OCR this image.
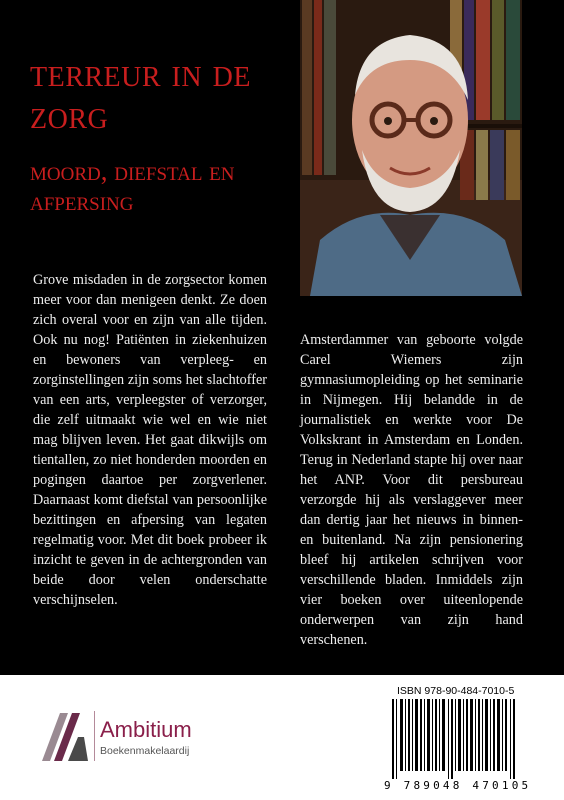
terreur in de zorg
moord, diefstal en afpersing
Grove misdaden in de zorgsector komen meer voor dan menigeen denkt. Ze doen zich overal voor en zijn van alle tijden. Ook nu nog! Patiënten in ziekenhuizen en bewoners van verpleeg- en zorginstellingen zijn soms het slachtoffer van een arts, verpleegster of verzorger, die zelf uitmaakt wie wel en wie niet mag blijven leven. Het gaat dikwijls om tientallen, zo niet honderden moorden en pogingen daartoe per zorgverlener. Daarnaast komt diefstal van persoonlijke bezittingen en afpersing van legaten regelmatig voor. Met dit boek probeer ik inzicht te geven in de achtergronden van beide door velen onderschatte verschijnselen.
Amsterdammer van geboorte volgde Carel Wiemers zijn gymnasiumopleiding op het seminarie in Nijmegen. Hij belandde in de journalistiek en werkte voor De Volkskrant in Amsterdam en Londen. Terug in Nederland stapte hij over naar het ANP. Voor dit persbureau verzorgde hij als verslaggever meer dan dertig jaar het nieuws in binnen- en buitenland. Na zijn pensionering bleef hij artikelen schrijven voor verschillende bladen. Inmiddels zijn vier boeken over uiteenlopende onderwerpen van zijn hand verschenen.
Ambitium
Boekenmakelaardij
ISBN 978-90-484-7010-5
9 789048 470105
